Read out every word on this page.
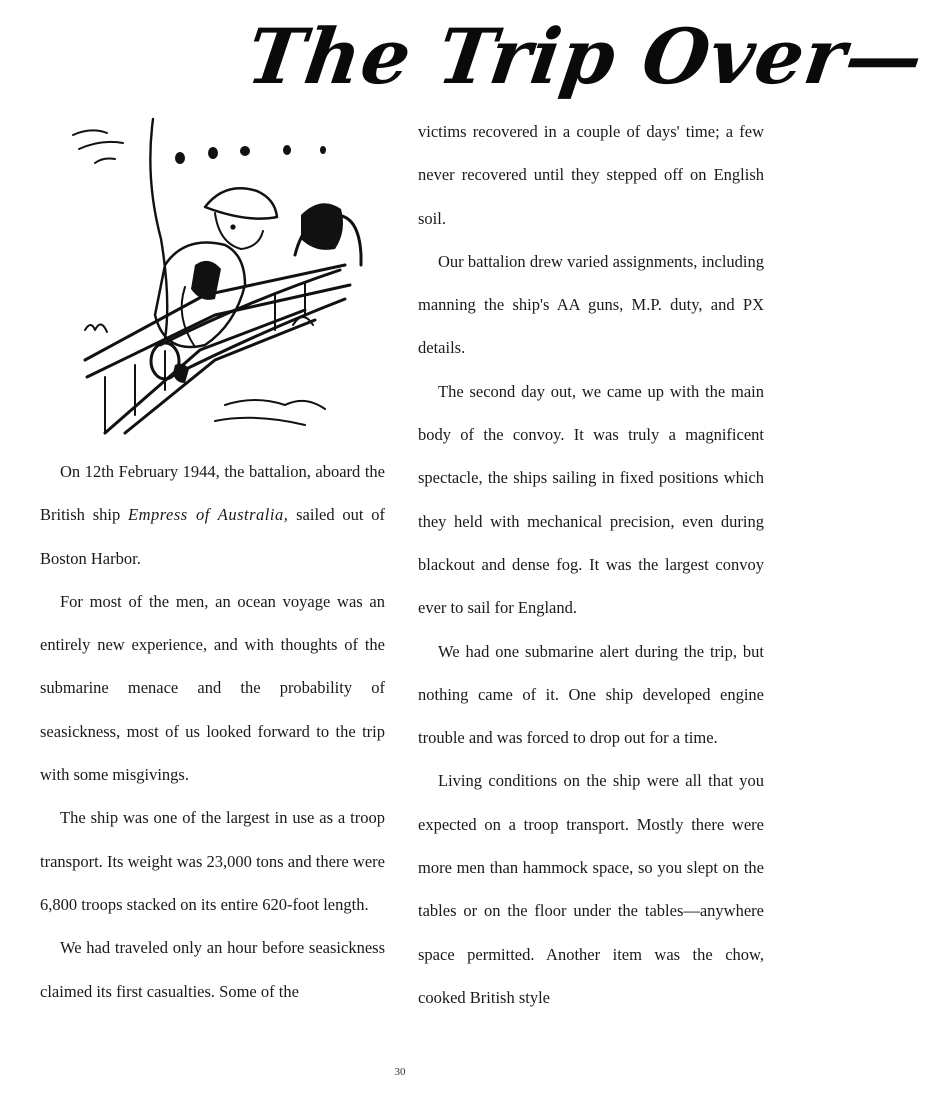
The Trip Over—

On 12th February 1944, the battalion, aboard the British ship Empress of Australia, sailed out of Boston Harbor.

For most of the men, an ocean voyage was an entirely new experience, and with thoughts of the submarine menace and the probability of seasickness, most of us looked forward to the trip with some misgivings.

The ship was one of the largest in use as a troop transport. Its weight was 23,000 tons and there were 6,800 troops stacked on its entire 620-foot length.

We had traveled only an hour before seasickness claimed its first casualties. Some of the

victims recovered in a couple of days' time; a few never recovered until they stepped off on English soil.

Our battalion drew varied assignments, including manning the ship's AA guns, M.P. duty, and PX details.

The second day out, we came up with the main body of the convoy. It was truly a magnificent spectacle, the ships sailing in fixed positions which they held with mechanical precision, even during blackout and dense fog. It was the largest convoy ever to sail for England.

We had one submarine alert during the trip, but nothing came of it. One ship developed engine trouble and was forced to drop out for a time.

Living conditions on the ship were all that you expected on a troop transport. Mostly there were more men than hammock space, so you slept on the tables or on the floor under the tables—anywhere space permitted. Another item was the chow, cooked British style

30
